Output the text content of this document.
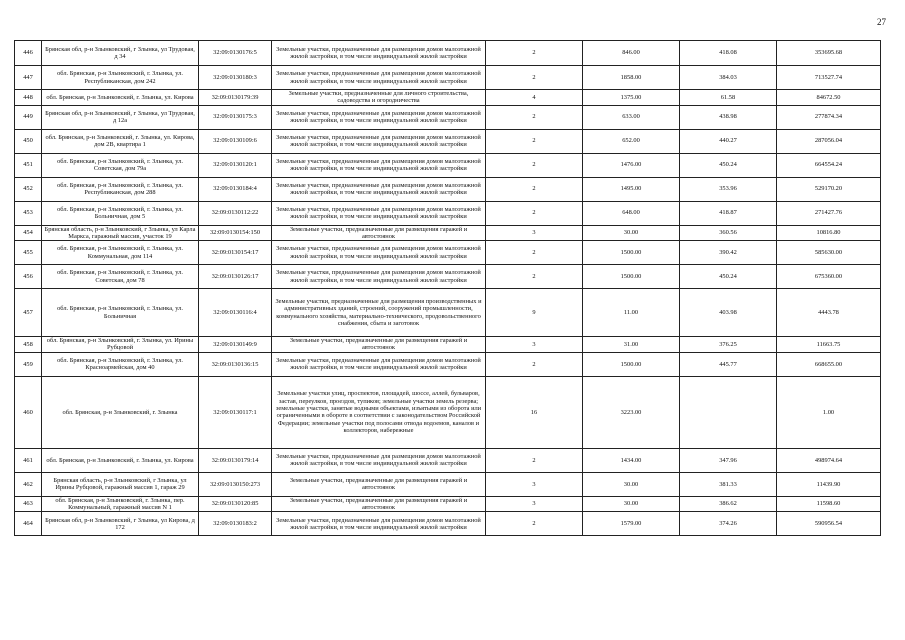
27
446	Брянская обл, р-н Злынковский, г Злынка, ул Трудовая, д 34	32:09:0130176:5	Земельные участки, предназначенные для размещения домов малоэтажной жилой застройки, в том числе индивидуальной жилой застройки	2	846.00	418.08	353695.68
447	обл. Брянская, р-н Злынковский, г. Злынка, ул. Республиканская, дом 242	32:09:0130180:3	Земельные участки, предназначенные для размещения домов малоэтажной жилой застройки, в том числе индивидуальной жилой застройки	2	1858.00	384.03	713527.74
448	обл. Брянская, р-н Злынковский, г. Злынка, ул. Кирова	32:09:0130179:39	Земельные участки, предназначенные для личного строительства, садоводства и огородничества	4	1375.00	61.58	84672.50
449	Брянская обл, р-н Злынковский, г Злынка, ул Трудовая, д 12а	32:09:0130175:3	Земельные участки, предназначенные для размещения домов малоэтажной жилой застройки, в том числе индивидуальной жилой застройки	2	633.00	438.98	277874.34
450	обл. Брянская, р-н Злынковский, г. Злынка, ул. Кирова, дом 2В, квартира 1	32:09:0130109:6	Земельные участки, предназначенные для размещения домов малоэтажной жилой застройки, в том числе индивидуальной жилой застройки	2	652.00	440.27	287056.04
451	обл. Брянская, р-н Злынковский, г. Злынка, ул. Советская, дом 79а	32:09:0130120:1	Земельные участки, предназначенные для размещения домов малоэтажной жилой застройки, в том числе индивидуальной жилой застройки	2	1476.00	450.24	664554.24
452	обл. Брянская, р-н Злынковский, г. Злынка, ул. Республиканская, дом 288	32:09:0130184:4	Земельные участки, предназначенные для размещения домов малоэтажной жилой застройки, в том числе индивидуальной жилой застройки	2	1495.00	353.96	529170.20
453	обл. Брянская, р-н Злынковский, г. Злынка, ул. Больничная, дом 5	32:09:0130112:22	Земельные участки, предназначенные для размещения домов малоэтажной жилой застройки, в том числе индивидуальной жилой застройки	2	648.00	418.87	271427.76
454	Брянская область, р-н Злынковский, г Злынка, ул Карла Маркса, гаражный массив, участок 19	32:09:0130154:150	Земельные участки, предназначенные для размещения гаражей и автостоянок	3	30.00	360.56	10816.80
455	обл. Брянская, р-н Злынковский, г. Злынка, ул. Коммунальная, дом 114	32:09:0130154:17	Земельные участки, предназначенные для размещения домов малоэтажной жилой застройки, в том числе индивидуальной жилой застройки	2	1500.00	390.42	585630.00
456	обл. Брянская, р-н Злынковский, г. Злынка, ул. Советская, дом 78	32:09:0130126:17	Земельные участки, предназначенные для размещения домов малоэтажной жилой застройки, в том числе индивидуальной жилой застройки	2	1500.00	450.24	675360.00
457	обл. Брянская, р-н Злынковский, г. Злынка, ул. Больничная	32:09:0130116:4	Земельные участки, предназначенные для размещения производственных и административных зданий, строений, сооружений промышленности, коммунального хозяйства, материально-технического, продовольственного снабжения, сбыта и заготовок	9	11.00	403.98	4443.78
458	обл. Брянская, р-н Злынковский, г. Злынка, ул. Ирины Рубцовой	32:09:0130149:9	Земельные участки, предназначенные для размещения гаражей и автостоянок	3	31.00	376.25	11663.75
459	обл. Брянская, р-н Злынковский, г. Злынка, ул. Красноармейская, дом 40	32:09:0130136:15	Земельные участки, предназначенные для размещения домов малоэтажной жилой застройки, в том числе индивидуальной жилой застройки	2	1500.00	445.77	668655.00
460	обл. Брянская, р-н Злынковский, г. Злынка	32:09:0130117:1	Земельные участки улиц, проспектов, площадей, шоссе, аллей, бульваров, застав, переулков, проездов, тупиков; земельные участки земель резерва; земельные участки, занятые водными объектами, изъятыми из оборота или ограниченными в обороте в соответствии с законодательством Российской Федерации; земельные участки под полосами отвода водоемов, каналов и коллекторов, набережные	16	3223.00		1.00
461	обл. Брянская, р-н Злынковский, г. Злынка, ул. Кирова	32:09:0130179:14	Земельные участки, предназначенные для размещения домов малоэтажной жилой застройки, в том числе индивидуальной жилой застройки	2	1434.00	347.96	498974.64
462	Брянская область, р-н Злынковский, г Злынка, ул Ирины Рубцовой, гаражный массив 1, гараж 29	32:09:0130150:273	Земельные участки, предназначенные для размещения гаражей и автостоянок	3	30.00	381.33	11439.90
463	обл. Брянская, р-н Злынковский, г. Злынка, пер. Коммунальный, гаражный массив N 1	32:09:0130120:85	Земельные участки, предназначенные для размещения гаражей и автостоянок	3	30.00	386.62	11598.60
464	Брянская обл, р-н Злынковский, г Злынка, ул Кирова, д 172	32:09:0130183:2	Земельные участки, предназначенные для размещения домов малоэтажной жилой застройки, в том числе индивидуальной жилой застройки	2	1579.00	374.26	590956.54
